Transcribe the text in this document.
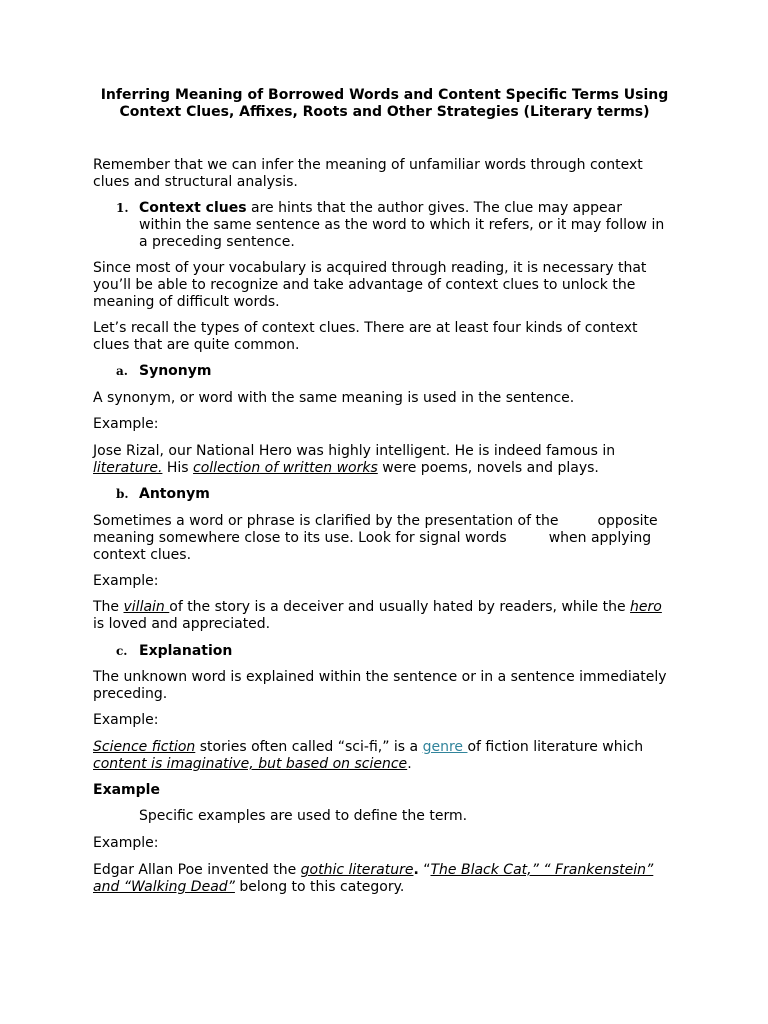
Inferring Meaning of Borrowed Words and Content Specific Terms Using
Context Clues, Affixes, Roots and Other Strategies (Literary terms)
Remember that we can infer the meaning of unfamiliar words through context
clues and structural analysis.
1. Context clues are hints that the author gives. The clue may appear
within the same sentence as the word to which it refers, or it may follow in
a preceding sentence.
Since most of your vocabulary is acquired through reading, it is necessary that
you’ll be able to recognize and take advantage of context clues to unlock the
meaning of difficult words.
Let’s recall the types of context clues. There are at least four kinds of context
clues that are quite common.
a. Synonym
A synonym, or word with the same meaning is used in the sentence.
Example:
Jose Rizal, our National Hero was highly intelligent. He is indeed famous in
literature. His collection of written works were poems, novels and plays.
b. Antonym
Sometimes a word or phrase is clarified by the presentation of the	opposite
meaning somewhere close to its use. Look for signal words	when applying
context clues.
Example:
The villain of the story is a deceiver and usually hated by readers, while the hero
is loved and appreciated.
c. Explanation
The unknown word is explained within the sentence or in a sentence immediately
preceding.
Example:
Science fiction stories often called “sci-fi,” is a genre of fiction literature which
content is imaginative, but based on science.
Example
Specific examples are used to define the term.
Example:
Edgar Allan Poe invented the gothic literature. “The Black Cat,” “ Frankenstein”
and “Walking Dead” belong to this category.
